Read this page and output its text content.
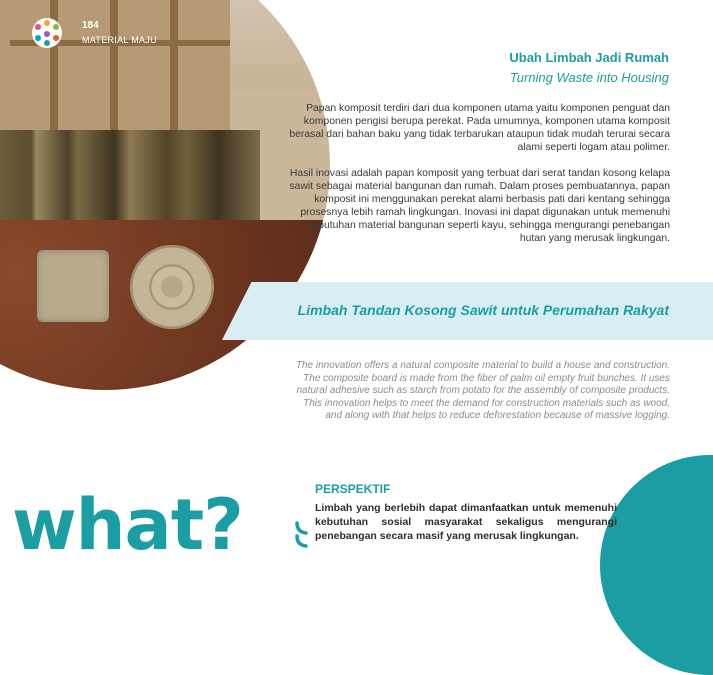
184
MATERIAL MAJU
Ubah Limbah Jadi Rumah
Turning Waste into Housing

Papan komposit terdiri dari dua komponen utama yaitu komponen penguat dan komponen pengisi berupa perekat. Pada umumnya, komponen utama komposit berasal dari bahan baku yang tidak terbarukan ataupun tidak mudah terurai secara alami seperti logam atau polimer.

Hasil inovasi adalah papan komposit yang terbuat dari serat tandan kosong kelapa sawit sebagai material bangunan dan rumah. Dalam proses pembuatannya, papan komposit ini menggunakan perekat alami berbasis pati dari kentang sehingga prosesnya lebih ramah lingkungan. Inovasi ini dapat digunakan untuk memenuhi kebutuhan material bangunan seperti kayu, sehingga mengurangi penebangan hutan yang merusak lingkungan.

Limbah Tandan Kosong Sawit untuk Perumahan Rakyat

The innovation offers a natural composite material to build a house and construction. The composite board is made from the fiber of palm oil empty fruit bunches. It uses natural adhesive such as starch from potato for the assembly of composite products. This innovation helps to meet the demand for construction materials such as wood, and along with that helps to reduce deforestation because of massive logging.

what?	PERSPEKTIF

Limbah yang berlebih dapat dimanfaatkan untuk memenuhi kebutuhan sosial masyarakat sekaligus mengurangi penebangan secara masif yang merusak lingkungan.
